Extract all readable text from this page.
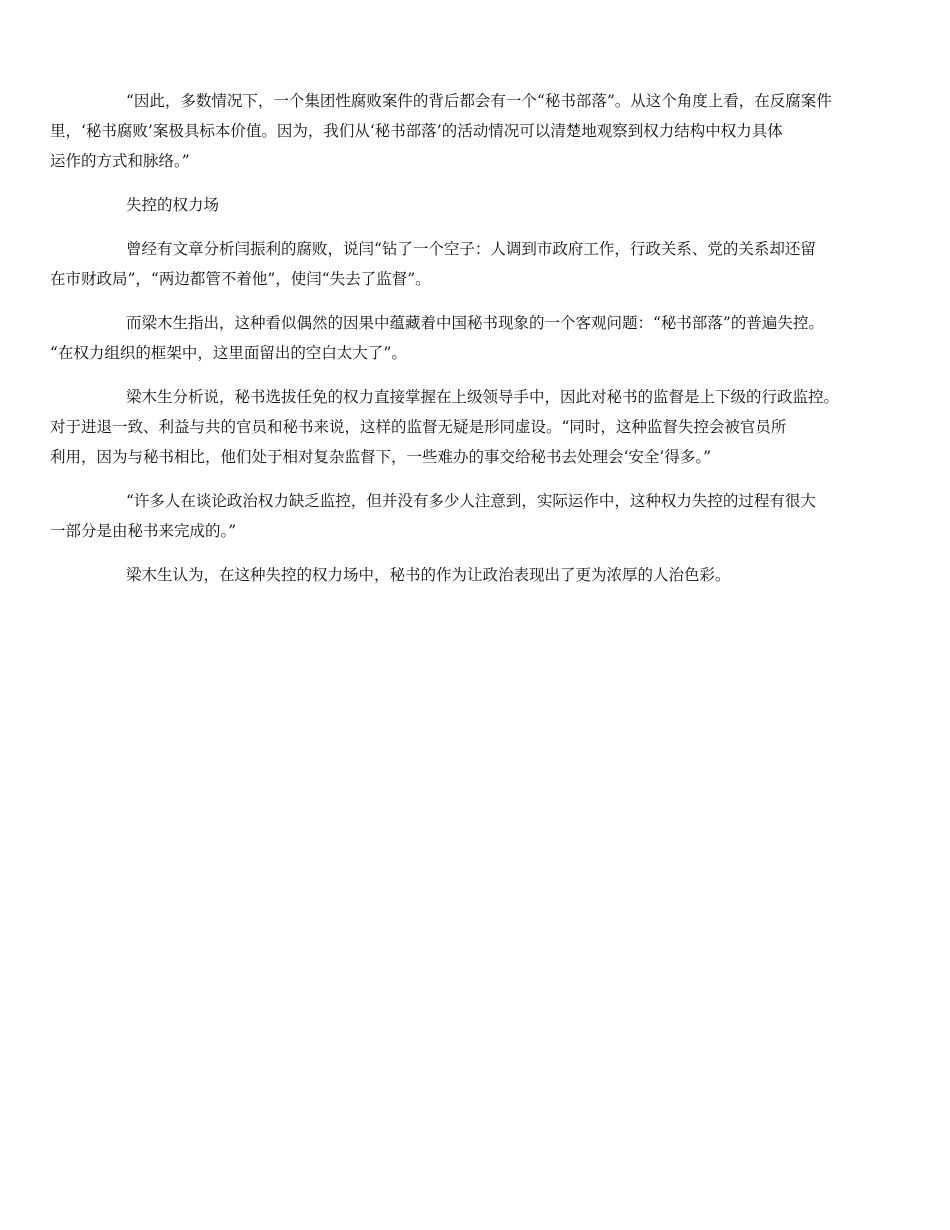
“因此，多数情况下，一个集团性腐败案件的背后都会有一个“秘书部落”。从这个角度上看，在反腐案件
里，‘秘书腐败’案极具标本价值。因为，我们从‘秘书部落’的活动情况可以清楚地观察到权力结构中权力具体
运作的方式和脉络。”

失控的权力场

曾经有文章分析闫振利的腐败，说闫“钻了一个空子：人调到市政府工作，行政关系、党的关系却还留
在市财政局”，“两边都管不着他”，使闫“失去了监督”。

而梁木生指出，这种看似偶然的因果中蕴藏着中国秘书现象的一个客观问题：“秘书部落”的普遍失控。
“在权力组织的框架中，这里面留出的空白太大了”。

梁木生分析说，秘书选拔任免的权力直接掌握在上级领导手中，因此对秘书的监督是上下级的行政监控。
对于进退一致、利益与共的官员和秘书来说，这样的监督无疑是形同虚设。“同时，这种监督失控会被官员所
利用，因为与秘书相比，他们处于相对复杂监督下，一些难办的事交给秘书去处理会‘安全’得多。”

“许多人在谈论政治权力缺乏监控，但并没有多少人注意到，实际运作中，这种权力失控的过程有很大
一部分是由秘书来完成的。”

梁木生认为，在这种失控的权力场中，秘书的作为让政治表现出了更为浓厚的人治色彩。
